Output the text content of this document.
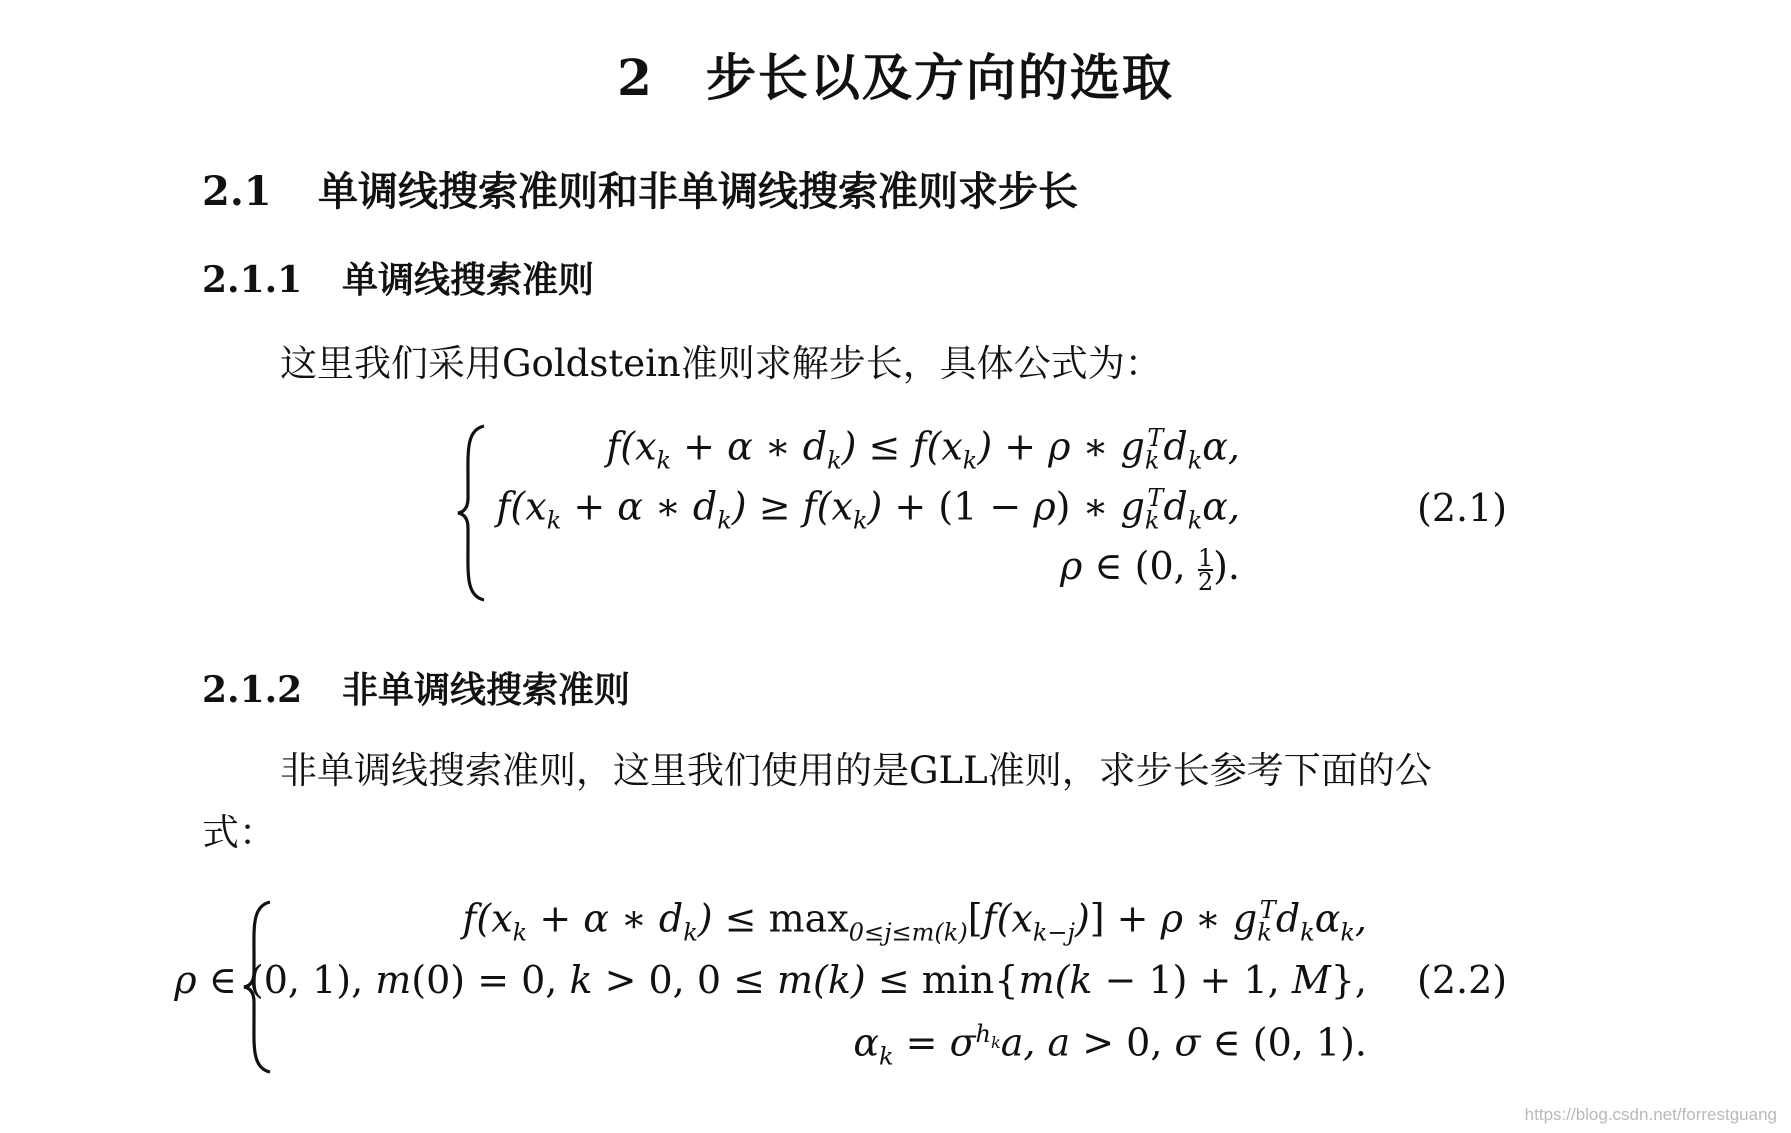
2 步长以及方向的选取
2.1 单调线搜索准则和非单调线搜索准则求步长
2.1.1 单调线搜索准则
这里我们采用Goldstein准则求解步长，具体公式为：
$f(x_k + \alpha$ ∗ $d_k) \le f(x_k) + \rho$ ∗ $g_k^Td_k\alpha$,
$f(x_k + \alpha$ ∗ $d_k) \ge f(x_k) + (1 - \rho)$ ∗ $g_k^Td_k\alpha$,
ρ ∈ (0, $\frac{1}{2}$ ).
(2.1)
2.1.2 非单调线搜索准则
非单调线搜索准则，这里我们使用的是GLL准则，求步长参考下面的公式：
$f(x_k + \alpha$ ∗ $d_k) \le \max_{0\le j\le m(k)}[f(x_{k-j})] + \rho$ ∗ $g_k^Td_k\alpha_k$,
ρ ∈ (0, 1), m(0) = 0, k > 0, 0 ≤ m(k) ≤ min{m(k − 1) + 1, M},
$\alpha_k = \sigma^{h_k}a$, a > 0, σ ∈ (0, 1).
(2.2)
https://blog.csdn.net/forrestguang
